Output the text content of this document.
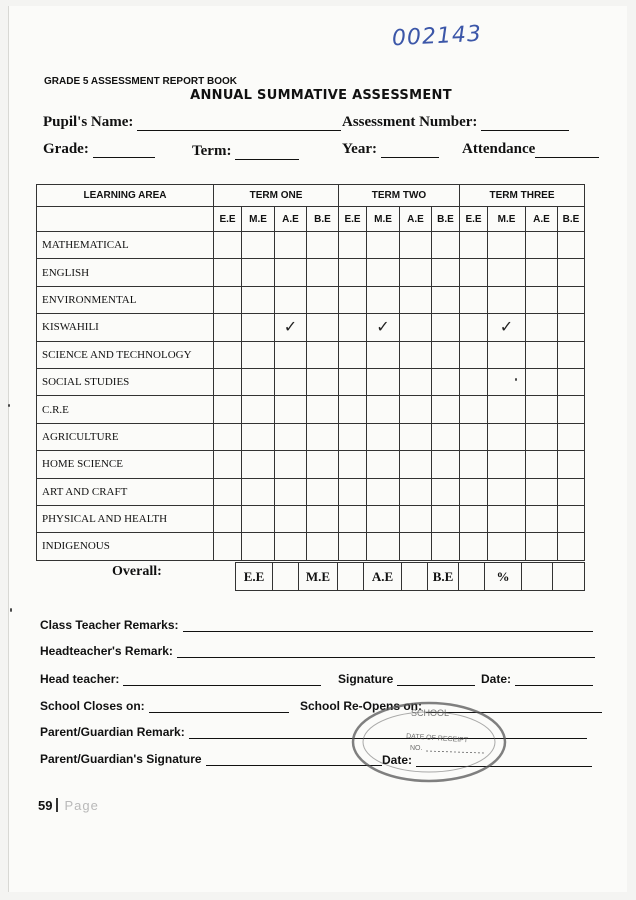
002143
GRADE 5 ASSESSMENT REPORT BOOK
ANNUAL SUMMATIVE ASSESSMENT
Pupil's Name:	Assessment Number:
Grade:	Term:	Year:	Attendance
LEARNING AREA	TERM ONE				TERM TWO				TERM THREE			
	E.E	M.E	A.E	B.E	E.E	M.E	A.E	B.E	E.E	M.E	A.E	B.E
MATHEMATICAL												
ENGLISH												
ENVIRONMENTAL												
KISWAHILI			✓			✓				✓		
SCIENCE AND TECHNOLOGY												
SOCIAL STUDIES												
C.R.E												
AGRICULTURE												
HOME SCIENCE												
ART AND CRAFT												
PHYSICAL AND HEALTH												
INDIGENOUS												
Overall:	E.E		M.E		A.E		B.E		%		
Class Teacher Remarks:
Headteacher's Remark:
Head teacher:	Signature	Date:
School Closes on:	School Re-Opens on:
Parent/Guardian Remark:
Parent/Guardian's Signature	Date:
SCHOOL
DATE OF RECEIPT
NO.
59 Page
